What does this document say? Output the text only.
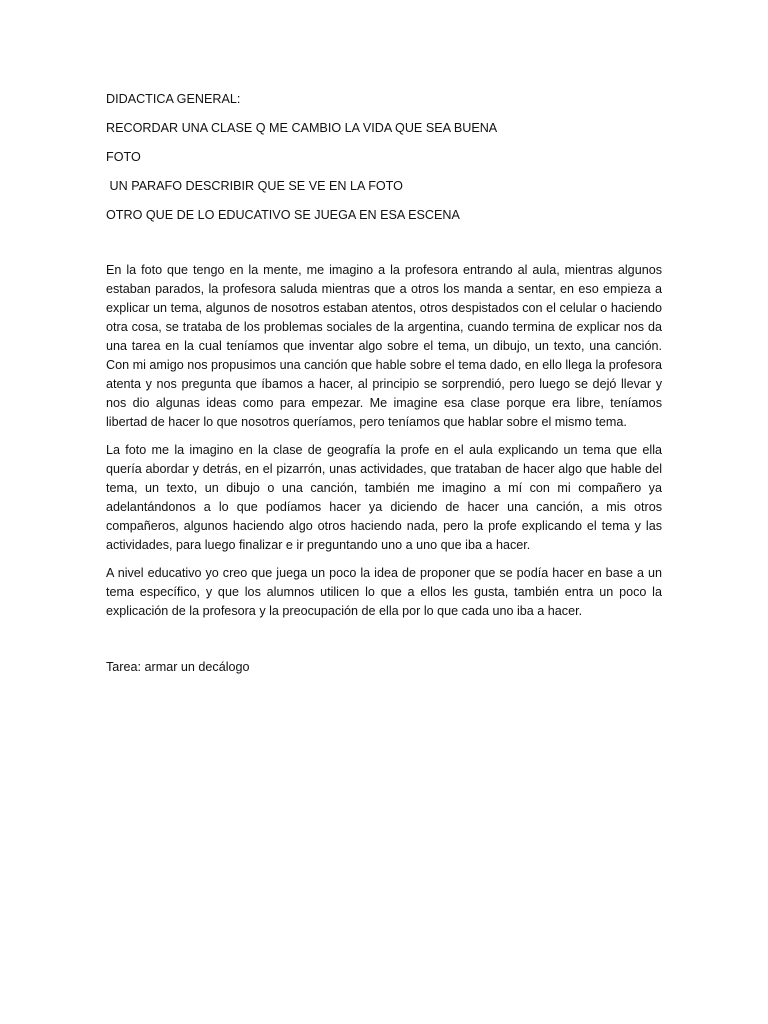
DIDACTICA GENERAL:

RECORDAR UNA CLASE Q ME CAMBIO LA VIDA QUE SEA BUENA

FOTO

UN PARAFO DESCRIBIR QUE SE VE EN LA FOTO

OTRO QUE DE LO EDUCATIVO SE JUEGA EN ESA ESCENA

En la foto que tengo en la mente, me imagino a la profesora entrando al aula, mientras algunos estaban parados, la profesora saluda mientras que a otros los manda a sentar, en eso empieza a explicar un tema, algunos de nosotros estaban atentos, otros despistados con el celular o haciendo otra cosa, se trataba de los problemas sociales de la argentina, cuando termina de explicar nos da una tarea en la cual teníamos que inventar algo sobre el tema, un dibujo, un texto, una canción. Con mi amigo nos propusimos una canción que hable sobre el tema dado, en ello llega la profesora atenta y nos pregunta que íbamos a hacer, al principio se sorprendió, pero luego se dejó llevar y nos dio algunas ideas como para empezar. Me imagine esa clase porque era libre, teníamos libertad de hacer lo que nosotros queríamos, pero teníamos que hablar sobre el mismo tema.

La foto me la imagino en la clase de geografía la profe en el aula explicando un tema que ella quería abordar y detrás, en el pizarrón, unas actividades, que trataban de hacer algo que hable del tema, un texto, un dibujo o una canción, también me imagino a mí con mi compañero ya adelantándonos a lo que podíamos hacer ya diciendo de hacer una canción, a mis otros compañeros, algunos haciendo algo otros haciendo nada, pero la profe explicando el tema y las actividades, para luego finalizar e ir preguntando uno a uno que iba a hacer.

A nivel educativo yo creo que juega un poco la idea de proponer que se podía hacer en base a un tema específico, y que los alumnos utilicen lo que a ellos les gusta, también entra un poco la explicación de la profesora y la preocupación de ella por lo que cada uno iba a hacer.

Tarea: armar un decálogo
